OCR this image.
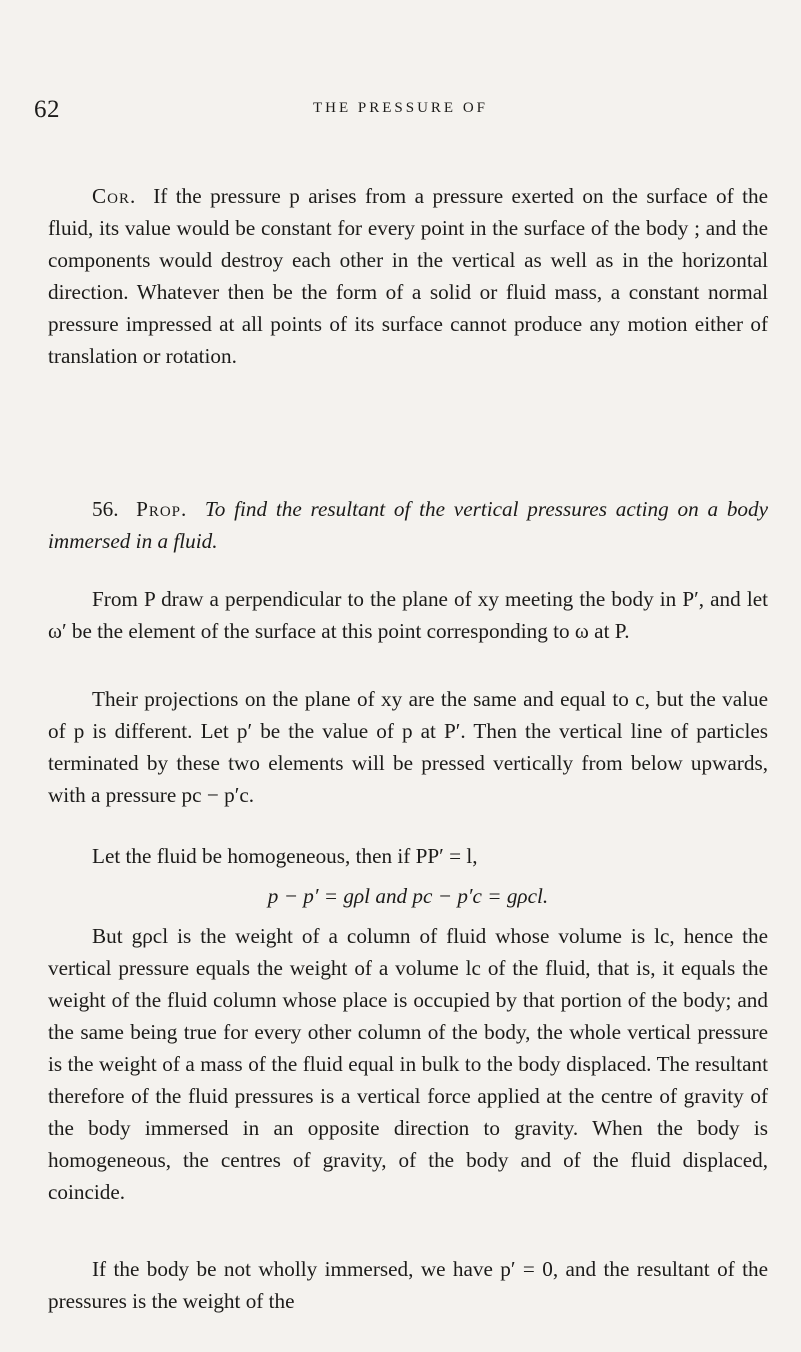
62	THE PRESSURE OF

Cor. If the pressure p arises from a pressure exerted on the surface of the fluid, its value would be constant for every point in the surface of the body ; and the components would destroy each other in the vertical as well as in the horizontal direction. Whatever then be the form of a solid or fluid mass, a constant normal pressure impressed at all points of its surface cannot produce any motion either of translation or rotation.

56. Prop. To find the resultant of the vertical pressures acting on a body immersed in a fluid.

From P draw a perpendicular to the plane of xy meeting the body in P′, and let ω′ be the element of the surface at this point corresponding to ω at P.

Their projections on the plane of xy are the same and equal to c, but the value of p is different. Let p′ be the value of p at P′. Then the vertical line of particles terminated by these two elements will be pressed vertically from below upwards, with a pressure pc − p′c.

Let the fluid be homogeneous, then if PP′ = l,

p − p′ = gρl and pc − p′c = gρcl.

But gρcl is the weight of a column of fluid whose volume is lc, hence the vertical pressure equals the weight of a volume lc of the fluid, that is, it equals the weight of the fluid column whose place is occupied by that portion of the body; and the same being true for every other column of the body, the whole vertical pressure is the weight of a mass of the fluid equal in bulk to the body displaced. The resultant therefore of the fluid pressures is a vertical force applied at the centre of gravity of the body immersed in an opposite direction to gravity. When the body is homogeneous, the centres of gravity, of the body and of the fluid displaced, coincide.

If the body be not wholly immersed, we have p′ = 0, and the resultant of the pressures is the weight of the
